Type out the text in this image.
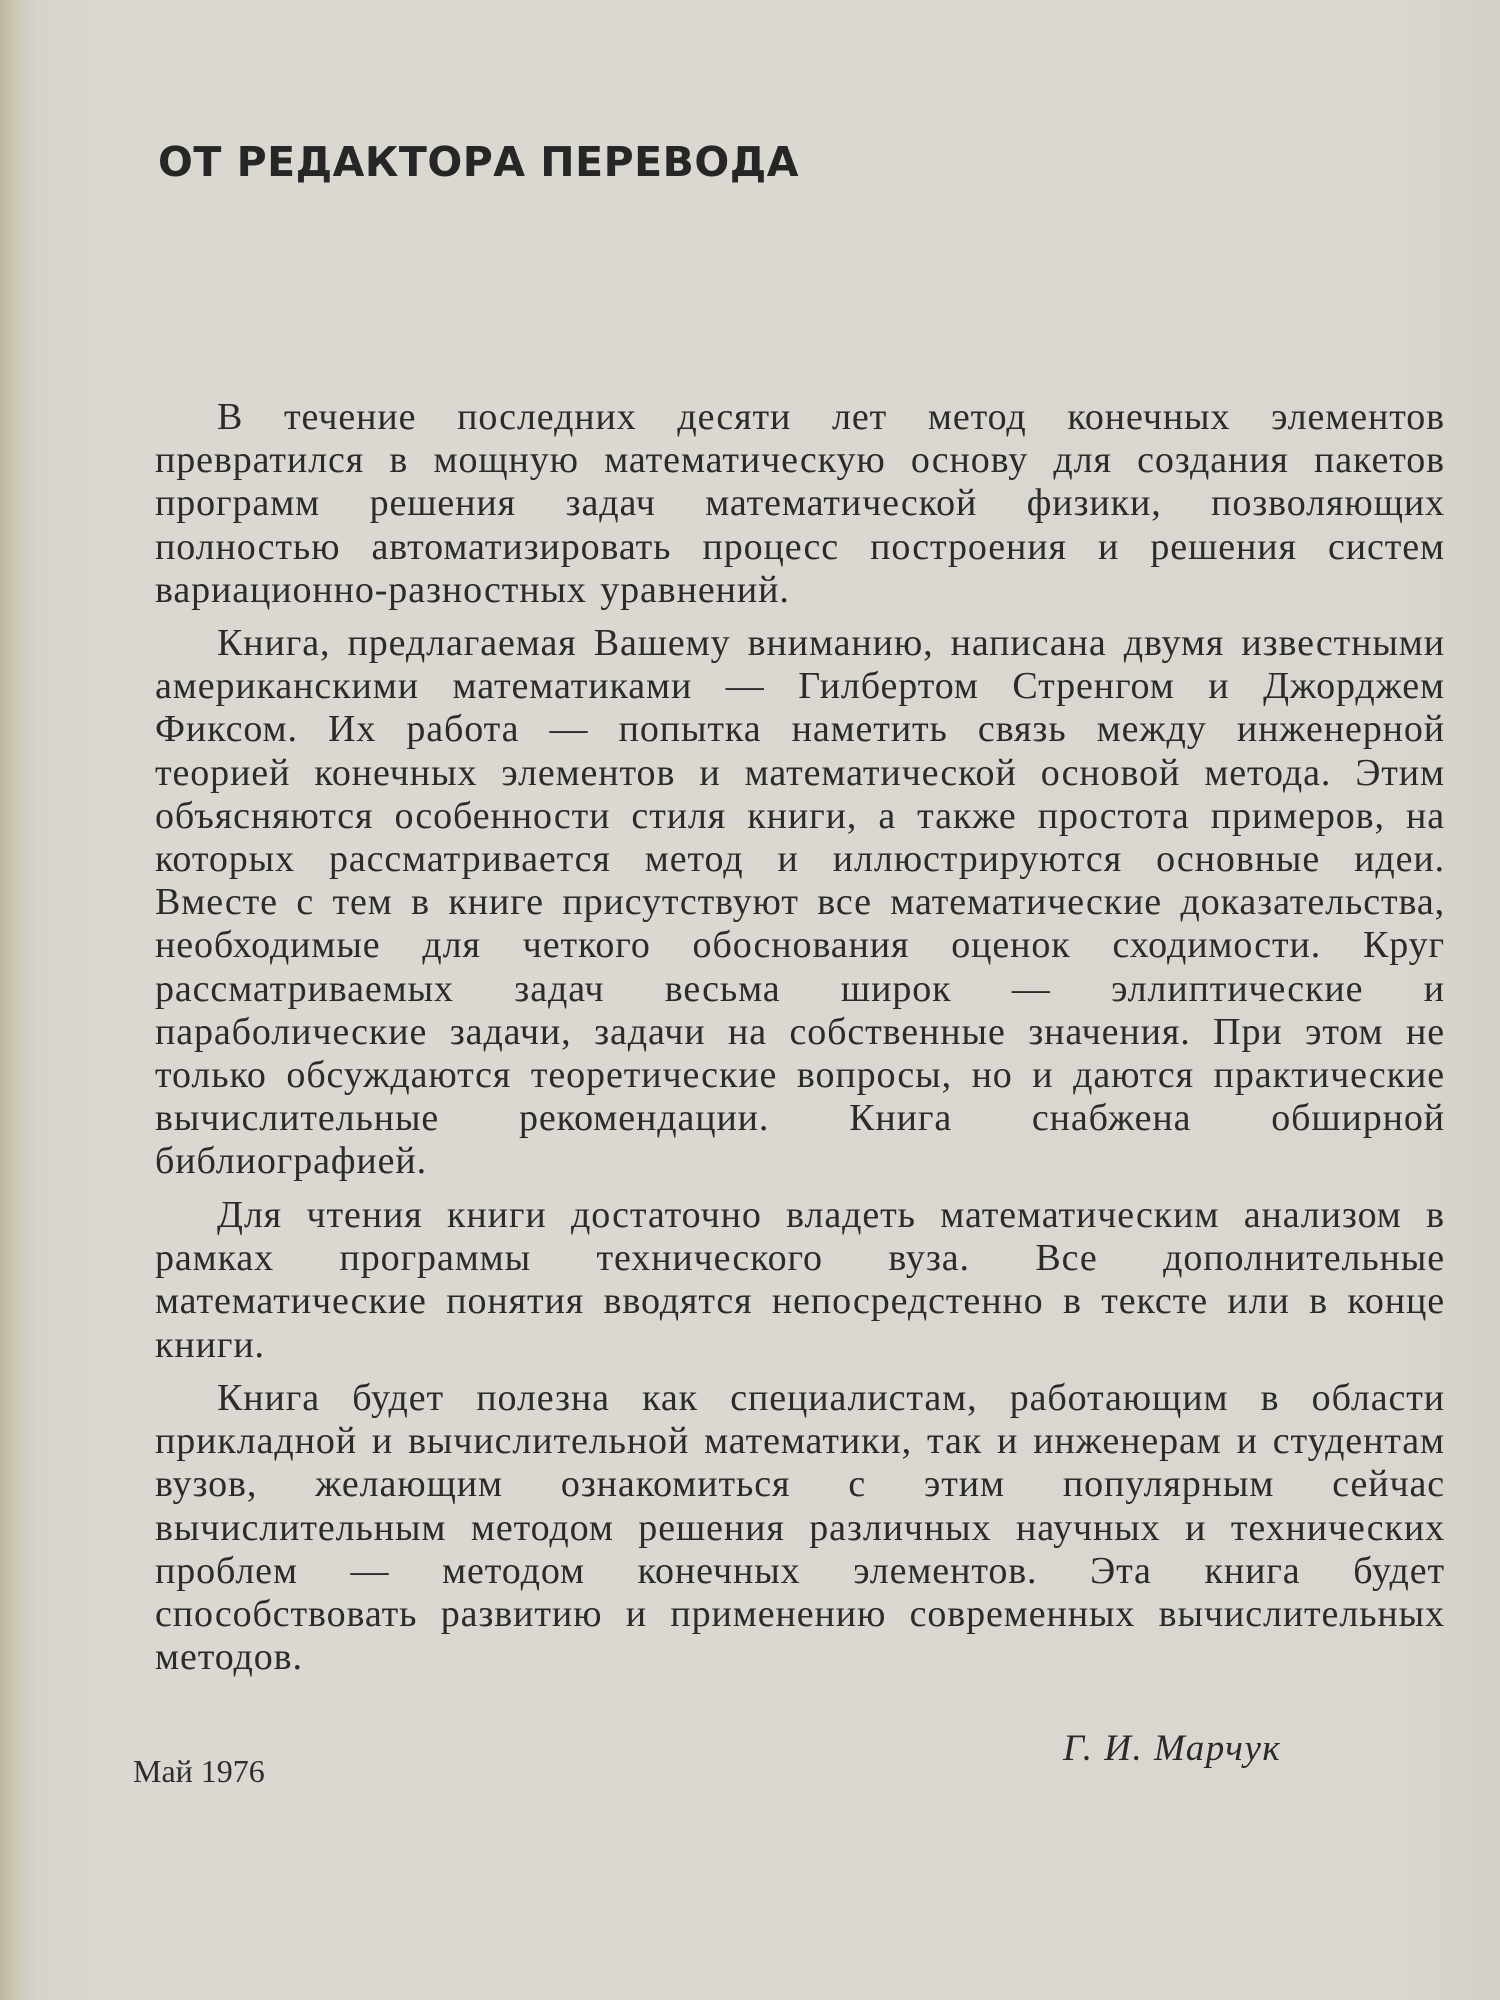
ОТ РЕДАКТОРА ПЕРЕВОДА

В течение последних десяти лет метод конечных элементов превратился в мощную математическую основу для создания пакетов программ решения задач математической физики, позволяющих полностью автоматизировать процесс построения и решения систем вариационно-разностных уравнений.

Книга, предлагаемая Вашему вниманию, написана двумя известными американскими математиками — Гилбертом Стренгом и Джорджем Фиксом. Их работа — попытка наметить связь между инженерной теорией конечных элементов и математической основой метода. Этим объясняются особенности стиля книги, а также простота примеров, на которых рассматривается метод и иллюстрируются основные идеи. Вместе с тем в книге присутствуют все математические доказательства, необходимые для четкого обоснования оценок сходимости. Круг рассматриваемых задач весьма широк — эллиптические и параболические задачи, задачи на собственные значения. При этом не только обсуждаются теоретические вопросы, но и даются практические вычислительные рекомендации. Книга снабжена обширной библиографией.

Для чтения книги достаточно владеть математическим анализом в рамках программы технического вуза. Все дополнительные математические понятия вводятся непосредстенно в тексте или в конце книги.

Книга будет полезна как специалистам, работающим в области прикладной и вычислительной математики, так и инженерам и студентам вузов, желающим ознакомиться с этим популярным сейчас вычислительным методом решения различных научных и технических проблем — методом конечных элементов. Эта книга будет способствовать развитию и применению современных вычислительных методов.

Май 1976

Г. И. Марчук
